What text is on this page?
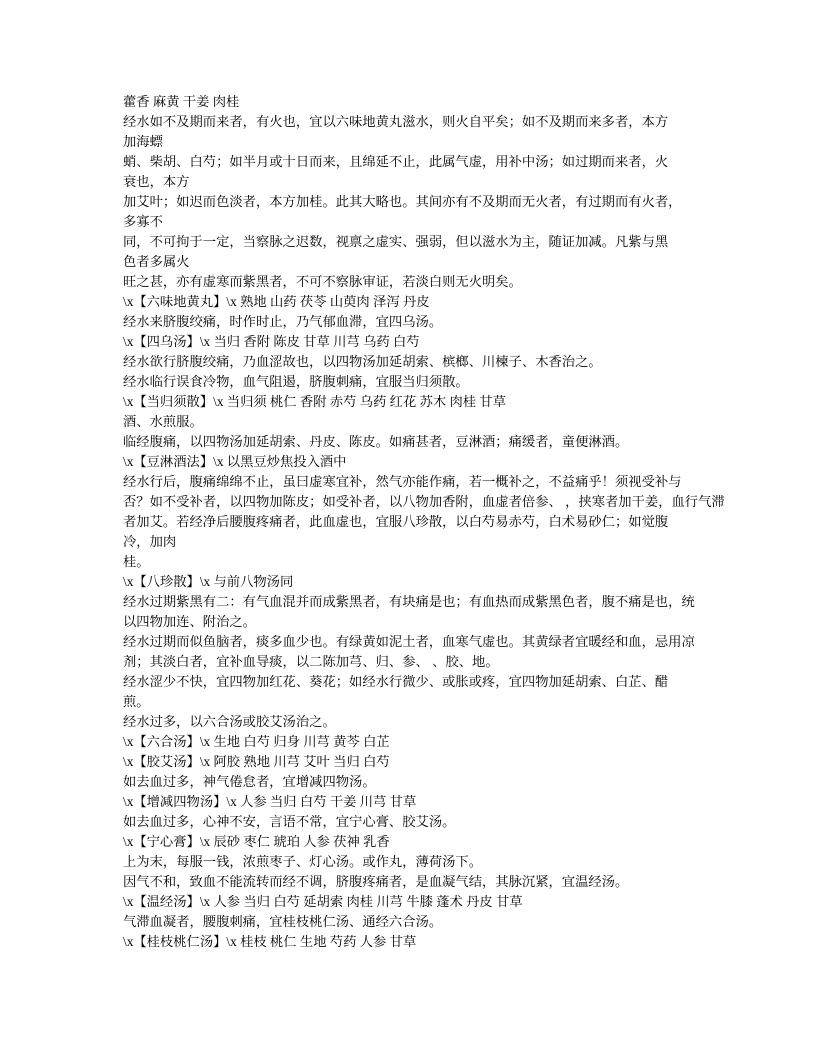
藿香 麻黄 干姜 肉桂
经水如不及期而来者，有火也，宜以六味地黄丸滋水，则火自平矣；如不及期而来多者，本方
加海螵
蛸、柴胡、白芍；如半月或十日而来，且绵延不止，此属气虚，用补中汤；如过期而来者，火
衰也，本方
加艾叶；如迟而色淡者，本方加桂。此其大略也。其间亦有不及期而无火者，有过期而有火者，
多寡不
同，不可拘于一定，当察脉之迟数，视禀之虚实、强弱，但以滋水为主，随证加减。凡紫与黑
色者多属火
旺之甚，亦有虚寒而紫黑者，不可不察脉审证，若淡白则无火明矣。
\x【六味地黄丸】\x 熟地 山药 茯苓 山萸肉 泽泻 丹皮
经水来脐腹绞痛，时作时止，乃气郁血滞，宜四乌汤。
\x【四乌汤】\x 当归 香附 陈皮 甘草 川芎 乌药 白芍
经水欲行脐腹绞痛，乃血涩故也，以四物汤加延胡索、槟榔、川楝子、木香治之。
经水临行误食冷物，血气阻遏，脐腹刺痛，宜服当归须散。
\x【当归须散】\x 当归须 桃仁 香附 赤芍 乌药 红花 苏木 肉桂 甘草
酒、水煎服。
临经腹痛，以四物汤加延胡索、丹皮、陈皮。如痛甚者，豆淋酒；痛缓者，童便淋酒。
\x【豆淋酒法】\x 以黑豆炒焦投入酒中
经水行后，腹痛绵绵不止，虽曰虚寒宜补，然气亦能作痛，若一概补之，不益痛乎！须视受补与
否？如不受补者，以四物加陈皮；如受补者，以八物加香附，血虚者倍参、 ，挟寒者加干姜，血行气滞
者加艾。若经净后腰腹疼痛者，此血虚也，宜服八珍散，以白芍易赤芍，白术易砂仁；如觉腹
冷，加肉
桂。
\x【八珍散】\x 与前八物汤同
经水过期紫黑有二：有气血混并而成紫黑者，有块痛是也；有血热而成紫黑色者，腹不痛是也，统
以四物加连、附治之。
经水过期而似鱼脑者，痰多血少也。有绿黄如泥土者，血寒气虚也。其黄绿者宜暖经和血，忌用凉
剂；其淡白者，宜补血导痰，以二陈加芎、归、参、 、胶、地。
经水涩少不快，宜四物加红花、葵花；如经水行微少、或胀或疼，宜四物加延胡索、白芷、醋
煎。
经水过多，以六合汤或胶艾汤治之。
\x【六合汤】\x 生地 白芍 归身 川芎 黄芩 白芷
\x【胶艾汤】\x 阿胶 熟地 川芎 艾叶 当归 白芍
如去血过多，神气倦怠者，宜增减四物汤。
\x【增减四物汤】\x 人参 当归 白芍 干姜 川芎 甘草
如去血过多，心神不安，言语不常，宜宁心膏、胶艾汤。
\x【宁心膏】\x 辰砂 枣仁 琥珀 人参 茯神 乳香
上为末，每服一钱，浓煎枣子、灯心汤。或作丸，薄荷汤下。
因气不和，致血不能流转而经不调，脐腹疼痛者，是血凝气结，其脉沉紧，宜温经汤。
\x【温经汤】\x 人参 当归 白芍 延胡索 肉桂 川芎 牛膝 蓬术 丹皮 甘草
气滞血凝者，腰腹刺痛，宜桂枝桃仁汤、通经六合汤。
\x【桂枝桃仁汤】\x 桂枝 桃仁 生地 芍药 人参 甘草
